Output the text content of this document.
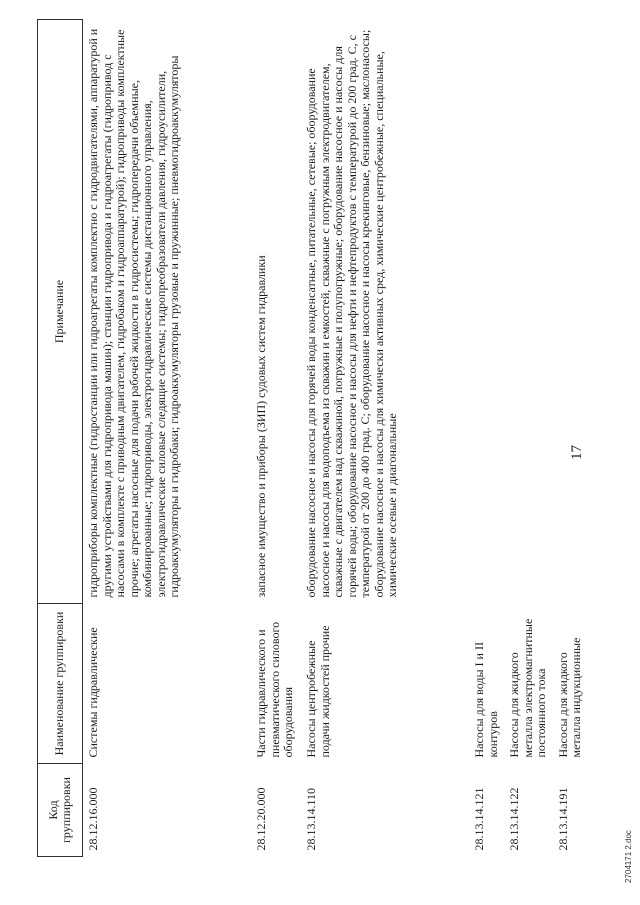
17
Код группировки	Наименование группировки	Примечание
28.12.16.000	Системы гидравлические	гидроприборы комплектные (гидростанции или гидроагрегаты комплектно с гидродвигателями, аппаратурой и другими устройствами для гидропривода машин); станции гидропривода и гидроагрегаты (гидропривод с насосами в комплекте с приводным двигателем, гидробаком и гидроаппаратурой); гидроприводы комплектные прочие; агрегаты насосные для подачи рабочей жидкости в гидросистемы; гидропередачи объемные, комбинированные; гидроприводы, электрогидравлические системы дистанционного управления, электрогидравлические силовые следящие системы; гидропреобразователи давления, гидроусилители, гидроаккумуляторы и гидробаки; гидроаккумуляторы грузовые и пружинные; пневмогидроаккумуляторы
28.12.20.000	Части гидравлического и пневматического силового оборудования	запасное имущество и приборы (ЗИП) судовых систем гидравлики
28.13.14.110	Насосы центробежные подачи жидкостей прочие	оборудование насосное и насосы для горячей воды конденсатные, питательные, сетевые; оборудование насосное и насосы для водоподъема из скважин и емкостей, скважные с погружным электродвигателем, скважные с двигателем над скважиной, погружные и полупогружные; оборудование насосное и насосы для горячей воды; оборудование насосное и насосы для нефти и нефтепродуктов с температурой до 200 град. С, с температурой от 200 до 400 град. С; оборудование насосное и насосы крекинговые, бензиновые; маслонасосы; оборудование насосное и насосы для химически активных сред, химические центробежные, специальные, химические осевые и диагональные
28.13.14.121	Насосы для воды I и II контуров	
28.13.14.122	Насосы для жидкого металла электромагнитные постоянного тока	
28.13.14.191	Насосы для жидкого металла индукционные	
2704171 2.doc
